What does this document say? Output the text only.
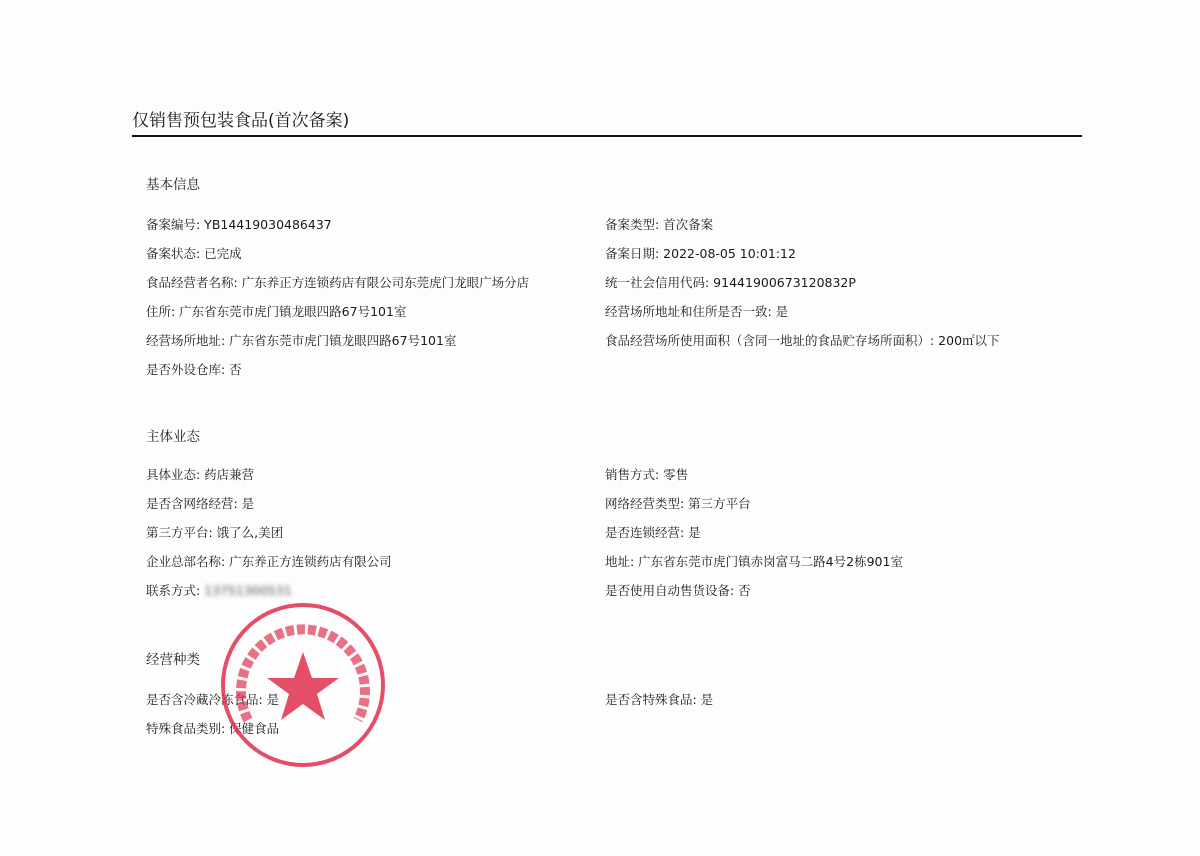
仅销售预包装食品(首次备案)
基本信息
备案编号: YB14419030486437
备案状态: 已完成
食品经营者名称: 广东养正方连锁药店有限公司东莞虎门龙眼广场分店
住所: 广东省东莞市虎门镇龙眼四路67号101室
经营场所地址: 广东省东莞市虎门镇龙眼四路67号101室
是否外设仓库: 否
备案类型: 首次备案
备案日期: 2022-08-05 10:01:12
统一社会信用代码: 91441900673120832P
经营场所地址和住所是否一致: 是
食品经营场所使用面积（含同一地址的食品贮存场所面积）: 200㎡以下
主体业态
具体业态: 药店兼营
是否含网络经营: 是
第三方平台: 饿了么,美团
企业总部名称: 广东养正方连锁药店有限公司
联系方式: 13751300531
销售方式: 零售
网络经营类型: 第三方平台
是否连锁经营: 是
地址: 广东省东莞市虎门镇赤岗富马二路4号2栋901室
是否使用自动售货设备: 否
经营种类
是否含冷藏冷冻食品: 是
特殊食品类别: 保健食品
是否含特殊食品: 是
